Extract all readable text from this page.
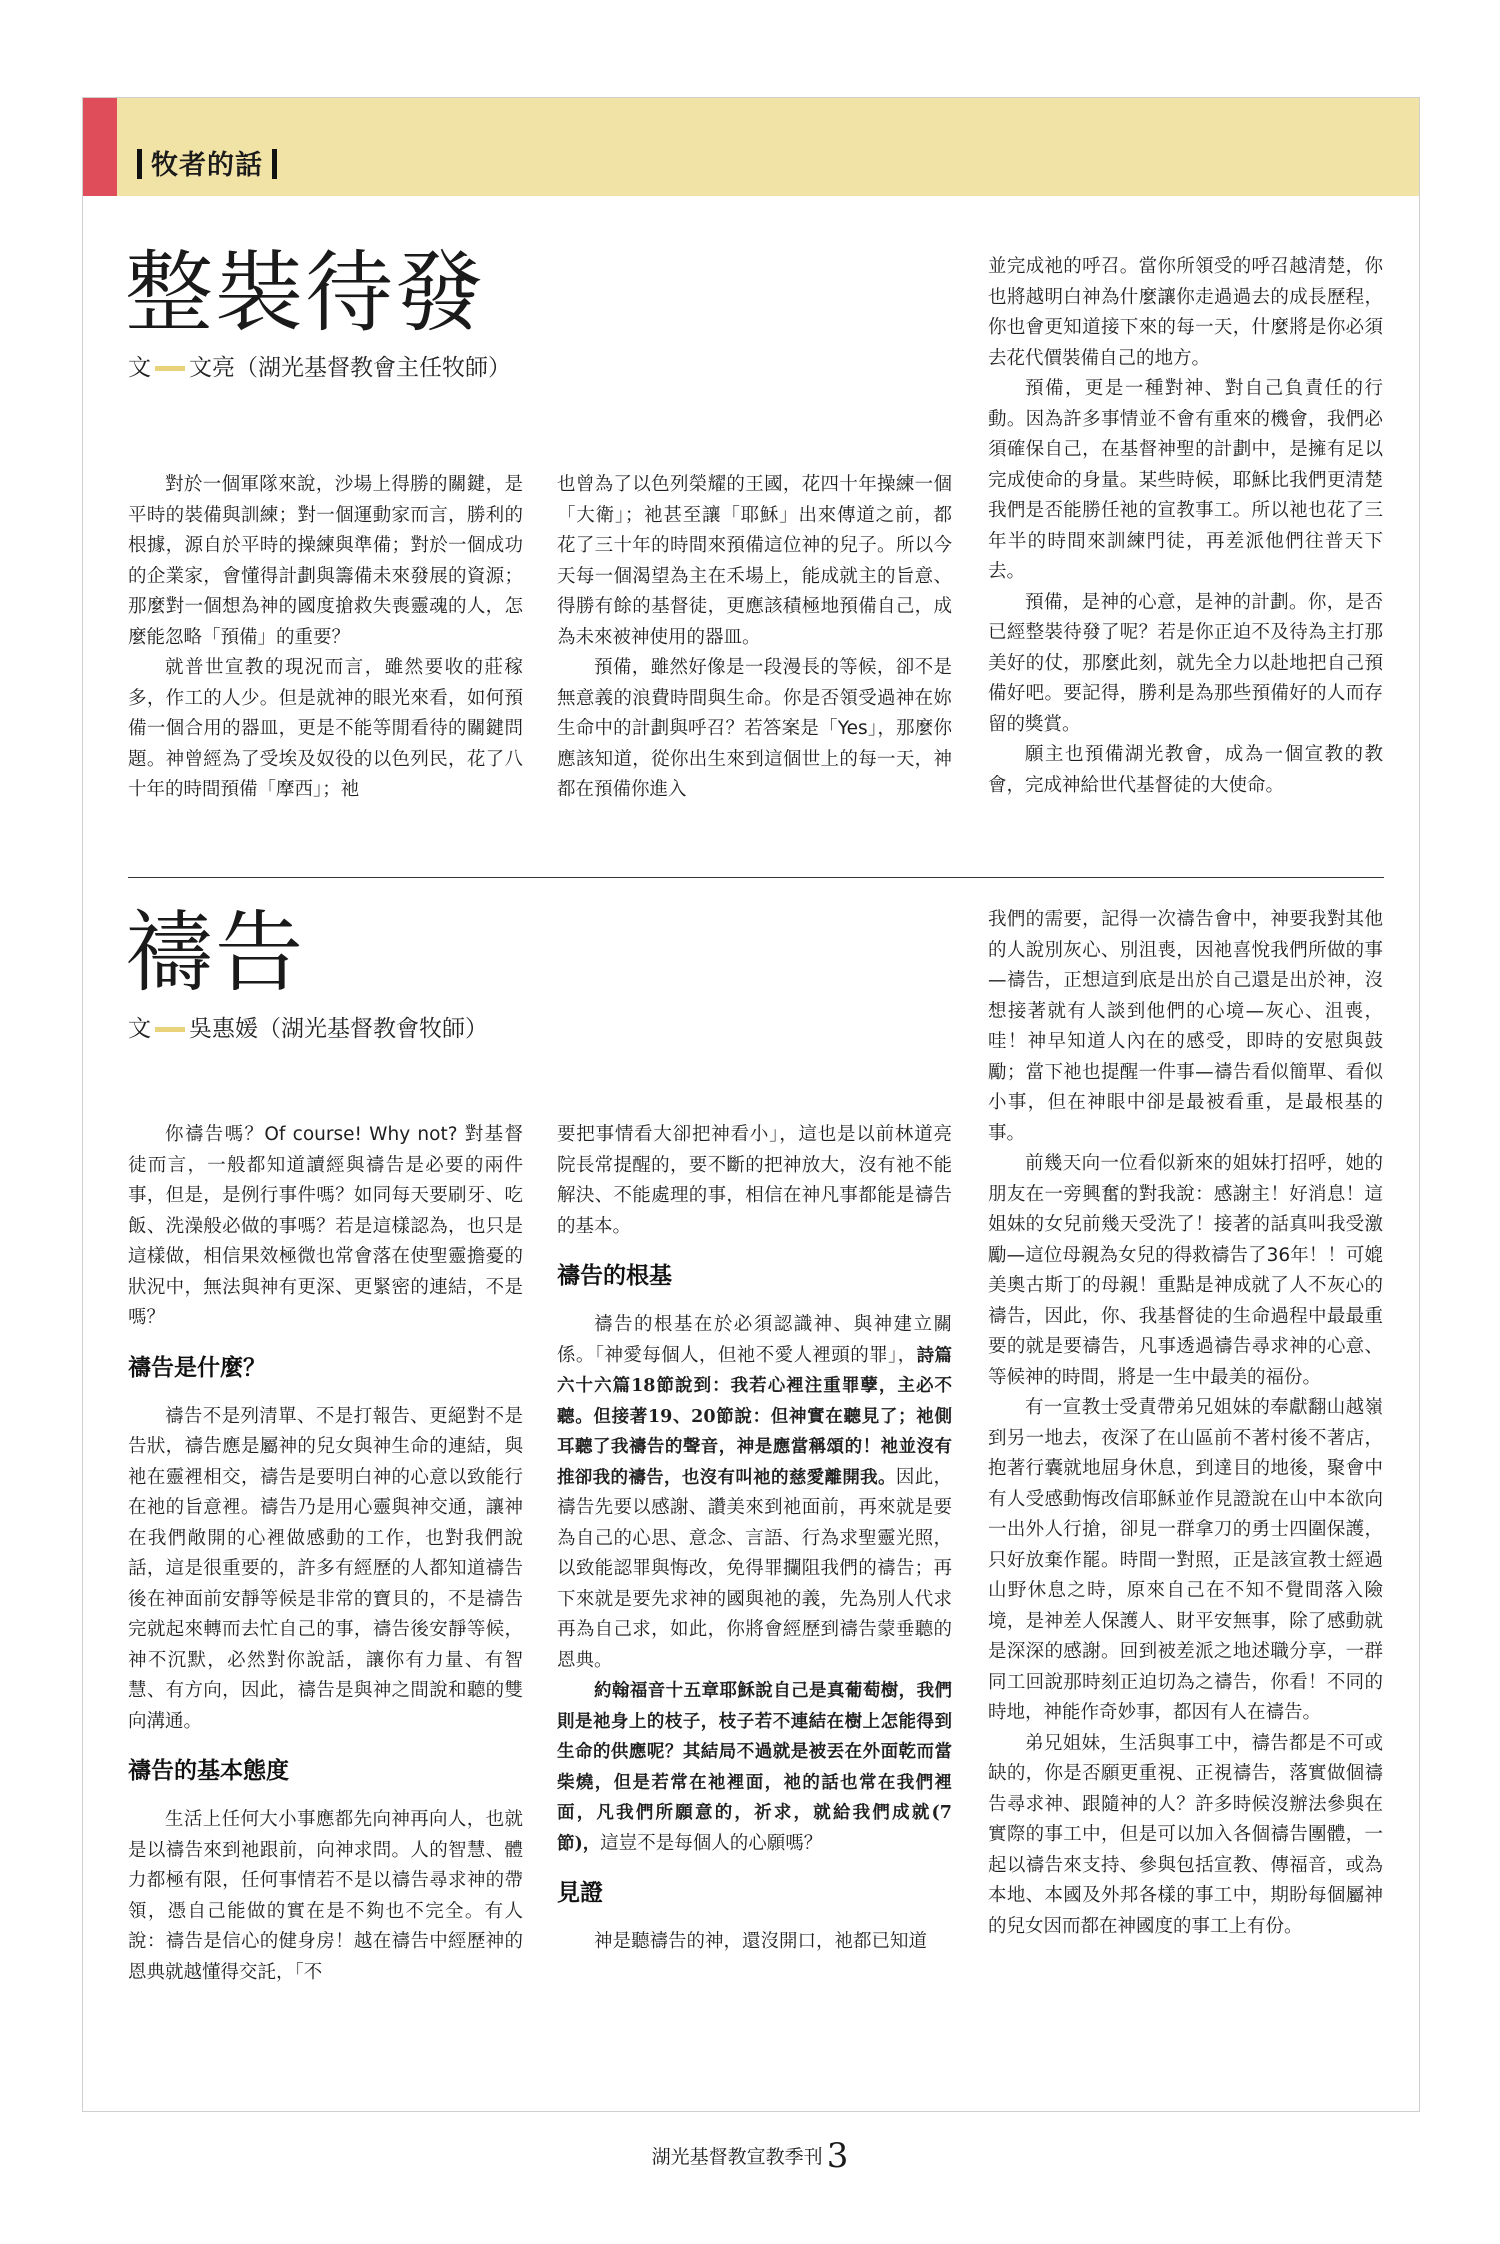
牧者的話
整裝待發
文 文亮（湖光基督教會主任牧師）

對於一個軍隊來說，沙場上得勝的關鍵，是平時的裝備與訓練；對一個運動家而言，勝利的根據，源自於平時的操練與準備；對於一個成功的企業家，會懂得計劃與籌備未來發展的資源；那麼對一個想為神的國度搶救失喪靈魂的人，怎麼能忽略「預備」的重要？

就普世宣教的現況而言，雖然要收的莊稼多，作工的人少。但是就神的眼光來看，如何預備一個合用的器皿，更是不能等閒看待的關鍵問題。神曾經為了受埃及奴役的以色列民，花了八十年的時間預備「摩西」；祂

也曾為了以色列榮耀的王國，花四十年操練一個「大衛」；祂甚至讓「耶穌」出來傳道之前，都花了三十年的時間來預備這位神的兒子。所以今天每一個渴望為主在禾場上，能成就主的旨意、得勝有餘的基督徒，更應該積極地預備自己，成為未來被神使用的器皿。

預備，雖然好像是一段漫長的等候，卻不是無意義的浪費時間與生命。你是否領受過神在妳生命中的計劃與呼召？若答案是「Yes」，那麼你應該知道，從你出生來到這個世上的每一天，神都在預備你進入

並完成祂的呼召。當你所領受的呼召越清楚，你也將越明白神為什麼讓你走過過去的成長歷程，你也會更知道接下來的每一天，什麼將是你必須去花代價裝備自己的地方。

預備，更是一種對神、對自己負責任的行動。因為許多事情並不會有重來的機會，我們必須確保自己，在基督神聖的計劃中，是擁有足以完成使命的身量。某些時候，耶穌比我們更清楚我們是否能勝任祂的宣教事工。所以祂也花了三年半的時間來訓練門徒，再差派他們往普天下去。

預備，是神的心意，是神的計劃。你，是否已經整裝待發了呢？若是你正迫不及待為主打那美好的仗，那麼此刻，就先全力以赴地把自己預備好吧。要記得，勝利是為那些預備好的人而存留的獎賞。

願主也預備湖光教會，成為一個宣教的教會，完成神給世代基督徒的大使命。

禱告
文 吳惠媛（湖光基督教會牧師）

你禱告嗎？Of course! Why not? 對基督徒而言，一般都知道讀經與禱告是必要的兩件事，但是，是例行事件嗎？如同每天要刷牙、吃飯、洗澡般必做的事嗎？若是這樣認為，也只是這樣做，相信果效極微也常會落在使聖靈擔憂的狀況中，無法與神有更深、更緊密的連結，不是嗎？

禱告是什麼？

禱告不是列清單、不是打報告、更絕對不是告狀，禱告應是屬神的兒女與神生命的連結，與祂在靈裡相交，禱告是要明白神的心意以致能行在祂的旨意裡。禱告乃是用心靈與神交通，讓神在我們敞開的心裡做感動的工作，也對我們說話，這是很重要的，許多有經歷的人都知道禱告後在神面前安靜等候是非常的寶貝的，不是禱告完就起來轉而去忙自己的事，禱告後安靜等候，神不沉默，必然對你說話，讓你有力量、有智慧、有方向，因此，禱告是與神之間說和聽的雙向溝通。

禱告的基本態度

生活上任何大小事應都先向神再向人，也就是以禱告來到祂跟前，向神求問。人的智慧、體力都極有限，任何事情若不是以禱告尋求神的帶領，憑自己能做的實在是不夠也不完全。有人說：禱告是信心的健身房！越在禱告中經歷神的恩典就越懂得交託，「不

要把事情看大卻把神看小」，這也是以前林道亮院長常提醒的，要不斷的把神放大，沒有祂不能解決、不能處理的事，相信在神凡事都能是禱告的基本。

禱告的根基

禱告的根基在於必須認識神、與神建立關係。「神愛每個人，但祂不愛人裡頭的罪」，詩篇六十六篇18節說到：我若心裡注重罪孽，主必不聽。但接著19、20節說：但神實在聽見了；祂側耳聽了我禱告的聲音，神是應當稱頌的！祂並沒有推卻我的禱告，也沒有叫祂的慈愛離開我。因此，禱告先要以感謝、讚美來到祂面前，再來就是要為自己的心思、意念、言語、行為求聖靈光照，以致能認罪與悔改，免得罪攔阻我們的禱告；再下來就是要先求神的國與祂的義，先為別人代求再為自己求，如此，你將會經歷到禱告蒙垂聽的恩典。

約翰福音十五章耶穌說自己是真葡萄樹，我們則是祂身上的枝子，枝子若不連結在樹上怎能得到生命的供應呢？其結局不過就是被丟在外面乾而當柴燒，但是若常在祂裡面，祂的話也常在我們裡面，凡我們所願意的，祈求，就給我們成就(7節)，這豈不是每個人的心願嗎？

見證

神是聽禱告的神，還沒開口，祂都已知道

我們的需要，記得一次禱告會中，神要我對其他的人說別灰心、別沮喪，因祂喜悅我們所做的事—禱告，正想這到底是出於自己還是出於神，沒想接著就有人談到他們的心境—灰心、沮喪，哇！神早知道人內在的感受，即時的安慰與鼓勵；當下祂也提醒一件事—禱告看似簡單、看似小事，但在神眼中卻是最被看重，是最根基的事。

前幾天向一位看似新來的姐妹打招呼，她的朋友在一旁興奮的對我說：感謝主！好消息！這姐妹的女兒前幾天受洗了！接著的話真叫我受激勵—這位母親為女兒的得救禱告了36年！！可媲美奧古斯丁的母親！重點是神成就了人不灰心的禱告，因此，你、我基督徒的生命過程中最最重要的就是要禱告，凡事透過禱告尋求神的心意、等候神的時間，將是一生中最美的福份。

有一宣教士受責帶弟兄姐妹的奉獻翻山越嶺到另一地去，夜深了在山區前不著村後不著店，抱著行囊就地屈身休息，到達目的地後，聚會中有人受感動悔改信耶穌並作見證說在山中本欲向一出外人行搶，卻見一群拿刀的勇士四圍保護，只好放棄作罷。時間一對照，正是該宣教士經過山野休息之時，原來自己在不知不覺間落入險境，是神差人保護人、財平安無事，除了感動就是深深的感謝。回到被差派之地述職分享，一群同工回說那時刻正迫切為之禱告，你看！不同的時地，神能作奇妙事，都因有人在禱告。

弟兄姐妹，生活與事工中，禱告都是不可或缺的，你是否願更重視、正視禱告，落實做個禱告尋求神、跟隨神的人？許多時候沒辦法參與在實際的事工中，但是可以加入各個禱告團體，一起以禱告來支持、參與包括宣教、傳福音，或為本地、本國及外邦各樣的事工中，期盼每個屬神的兒女因而都在神國度的事工上有份。

湖光基督教宣教季刊 3
